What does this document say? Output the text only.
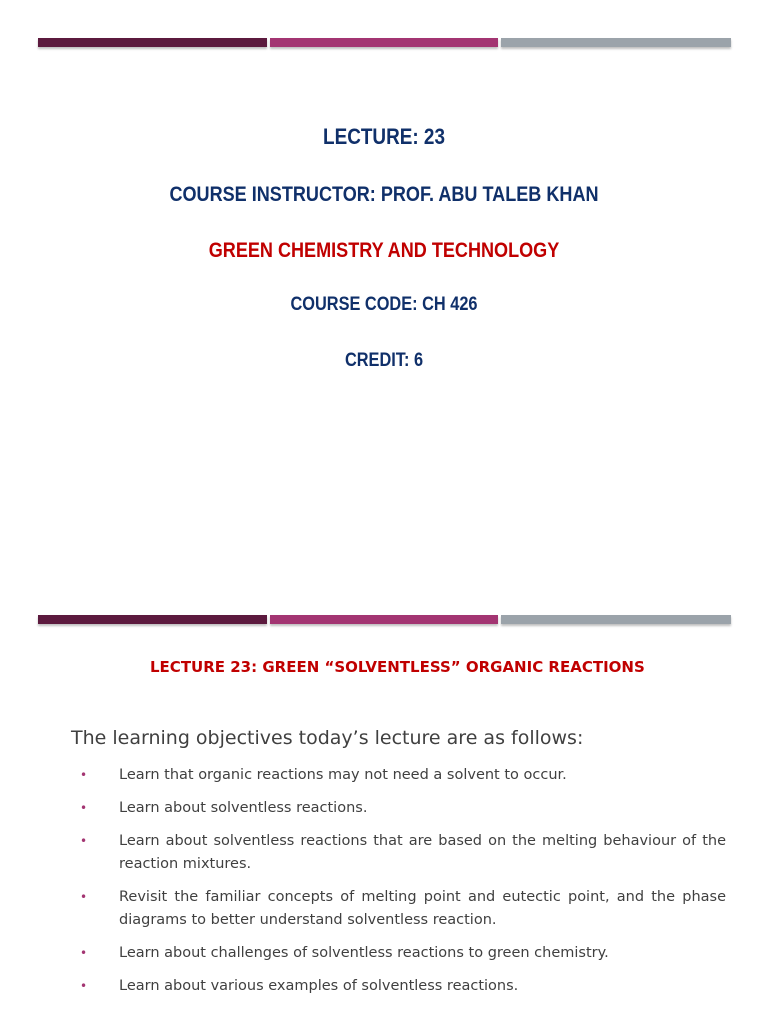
LECTURE: 23
COURSE INSTRUCTOR: PROF. ABU TALEB KHAN
GREEN CHEMISTRY AND TECHNOLOGY
COURSE CODE: CH 426
CREDIT: 6
LECTURE 23: GREEN “SOLVENTLESS” ORGANIC REACTIONS
The learning objectives today’s lecture are as follows:
• Learn that organic reactions may not need a solvent to occur.
• Learn about solventless reactions.
• Learn about solventless reactions that are based on the melting behaviour of the reaction mixtures.
• Revisit the familiar concepts of melting point and eutectic point, and the phase diagrams to better understand solventless reaction.
• Learn about challenges of solventless reactions to green chemistry.
• Learn about various examples of solventless reactions.
